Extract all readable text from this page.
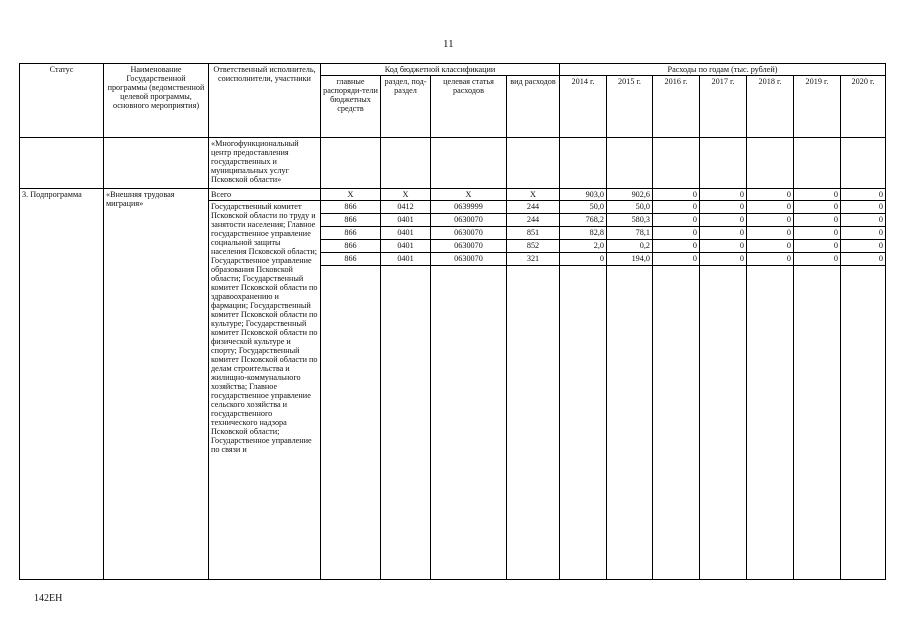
11
Статус	Наименование Государственной программы (ведомственной целевой программы, основного мероприятия)	Ответственный исполнитель, соисполнители, участники	Код бюджетной классификации				Расходы по годам (тыс. рублей)						
			главные распоряди-тели бюджетных средств	раздел, под-раздел	целевая статья расходов	вид расходов	2014 г.	2015 г.	2016 г.	2017 г.	2018 г.	2019 г.	2020 г.
		«Многофункциональный центр предоставления государственных и муниципальных услуг Псковской области»											
3. Подпрограмма	«Внешняя трудовая миграция»	Всего	Х	Х	Х	Х	903,0	902,6	0	0	0	0	0
		Государственный комитет Псковской области по труду и занятости населения; Главное государственное управление социальной защиты населения Псковской области; Государственное управление образования Псковской области; Государственный комитет Псковской области по здравоохранению и фармации; Государственный комитет Псковской области по культуре; Государственный комитет Псковской области по физической культуре и спорту; Государственный комитет Псковской области по делам строительства и жилищно-коммунального хозяйства; Главное государственное управление сельского хозяйства и государственного технического надзора Псковской области; Государственное управление по связи и	866	0412	0639999	244	50,0	50,0	0	0	0	0	0
			866	0401	0630070	244	768,2	580,3	0	0	0	0	0
			866	0401	0630070	851	82,8	78,1	0	0	0	0	0
			866	0401	0630070	852	2,0	0,2	0	0	0	0	0
			866	0401	0630070	321	0	194,0	0	0	0	0	0

142ЕН
